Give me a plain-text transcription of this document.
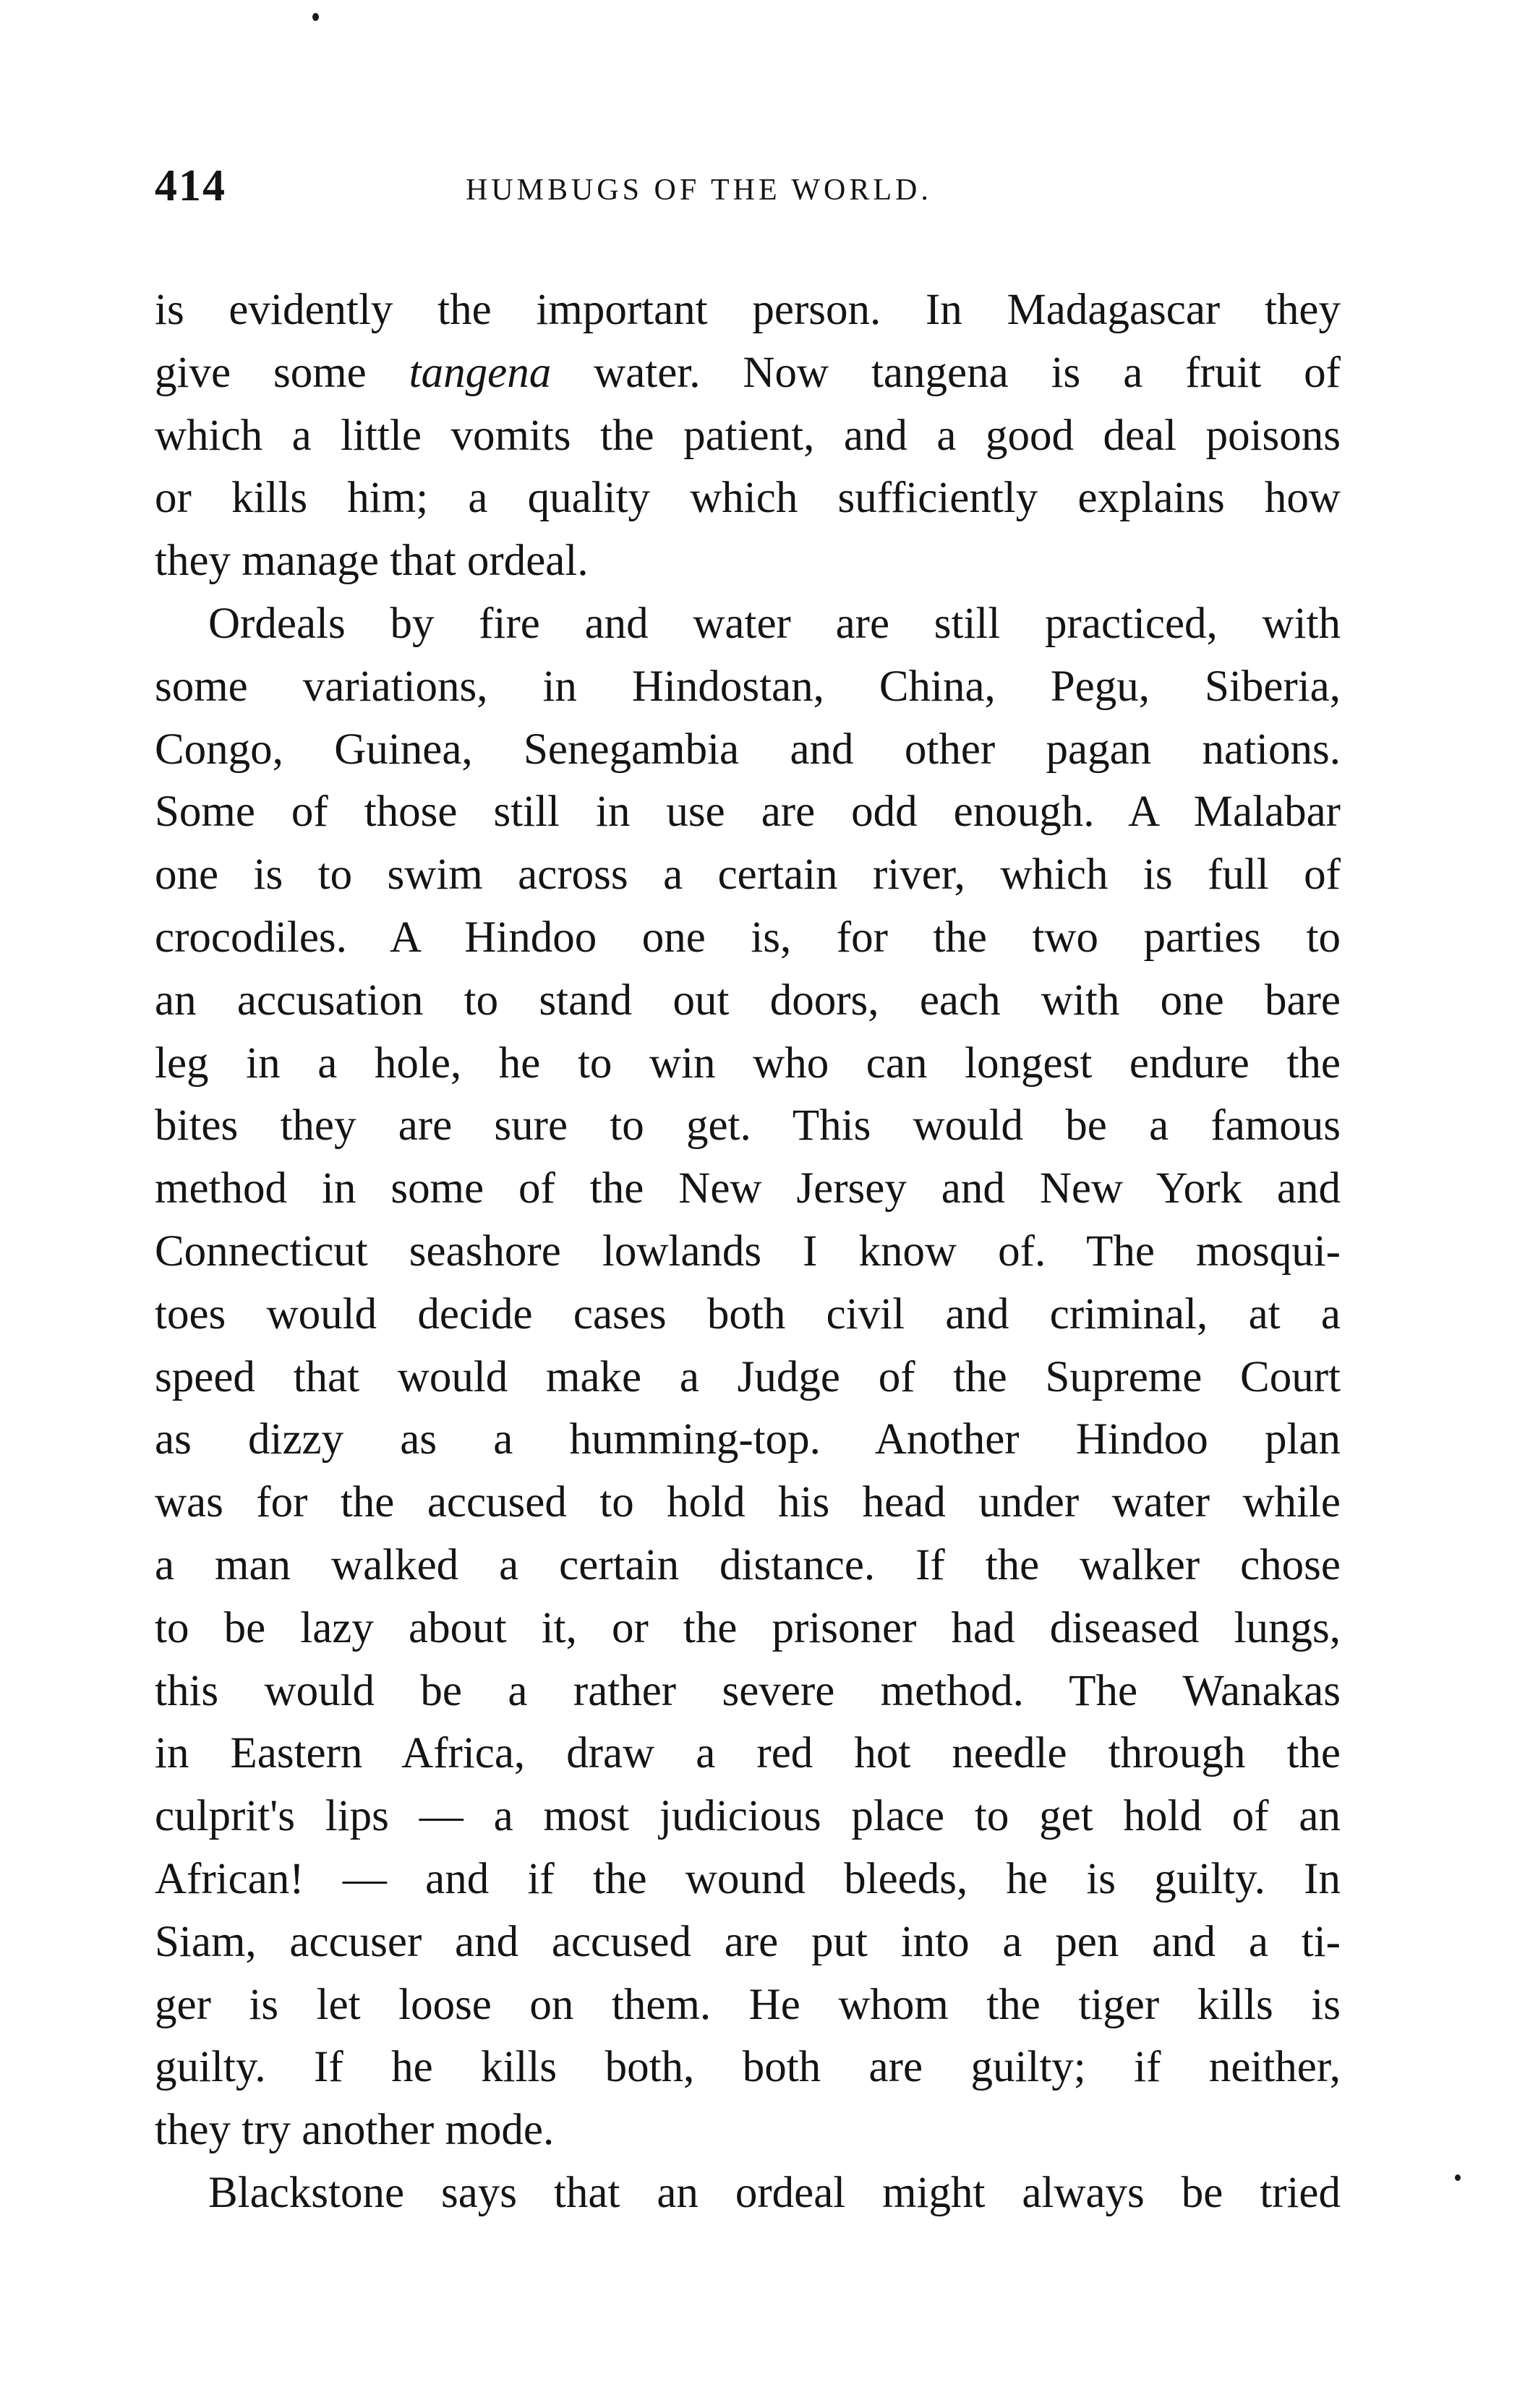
414	HUMBUGS OF THE WORLD.
is evidently the important person. In Madagascar they
give some tangena water. Now tangena is a fruit of
which a little vomits the patient, and a good deal poisons
or kills him; a quality which sufficiently explains how
they manage that ordeal.
Ordeals by fire and water are still practiced, with
some variations, in Hindostan, China, Pegu, Siberia,
Congo, Guinea, Senegambia and other pagan nations.
Some of those still in use are odd enough. A Malabar
one is to swim across a certain river, which is full of
crocodiles. A Hindoo one is, for the two parties to
an accusation to stand out doors, each with one bare
leg in a hole, he to win who can longest endure the
bites they are sure to get. This would be a famous
method in some of the New Jersey and New York and
Connecticut seashore lowlands I know of. The mosqui-
toes would decide cases both civil and criminal, at a
speed that would make a Judge of the Supreme Court
as dizzy as a humming-top. Another Hindoo plan
was for the accused to hold his head under water while
a man walked a certain distance. If the walker chose
to be lazy about it, or the prisoner had diseased lungs,
this would be a rather severe method. The Wanakas
in Eastern Africa, draw a red hot needle through the
culprit's lips — a most judicious place to get hold of an
African! — and if the wound bleeds, he is guilty. In
Siam, accuser and accused are put into a pen and a ti-
ger is let loose on them. He whom the tiger kills is
guilty. If he kills both, both are guilty; if neither,
they try another mode.
Blackstone says that an ordeal might always be tried
